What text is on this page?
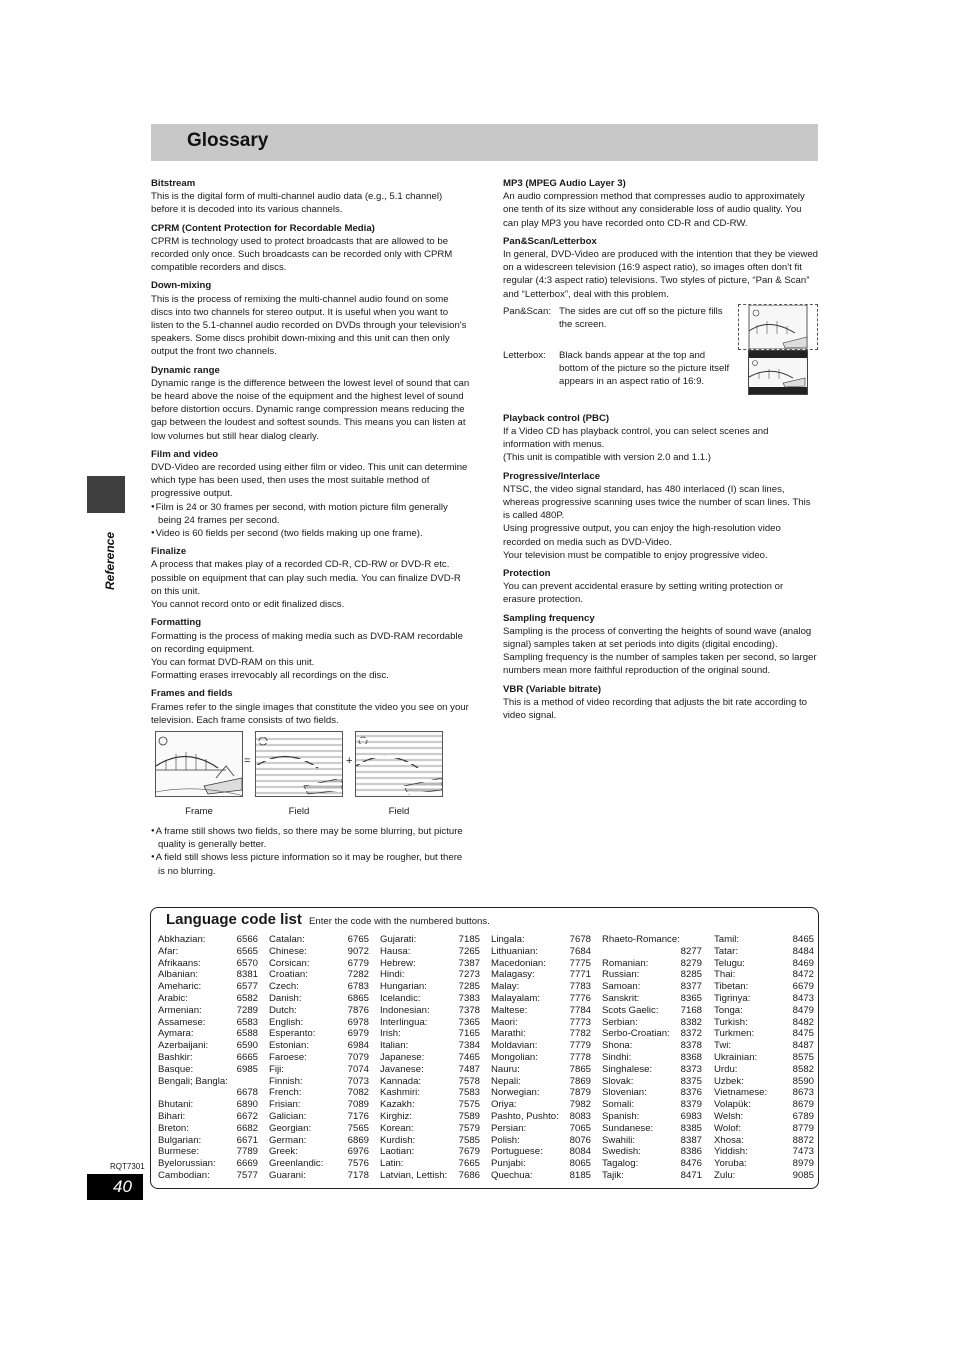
Glossary
Reference
Bitstream
This is the digital form of multi-channel audio data (e.g., 5.1 channel) before it is decoded into its various channels.
CPRM (Content Protection for Recordable Media)
CPRM is technology used to protect broadcasts that are allowed to be recorded only once. Such broadcasts can be recorded only with CPRM compatible recorders and discs.
Down-mixing
This is the process of remixing the multi-channel audio found on some discs into two channels for stereo output. It is useful when you want to listen to the 5.1-channel audio recorded on DVDs through your television's speakers. Some discs prohibit down-mixing and this unit can then only output the front two channels.
Dynamic range
Dynamic range is the difference between the lowest level of sound that can be heard above the noise of the equipment and the highest level of sound before distortion occurs. Dynamic range compression means reducing the gap between the loudest and softest sounds. This means you can listen at low volumes but still hear dialog clearly.
Film and video
DVD-Video are recorded using either film or video. This unit can determine which type has been used, then uses the most suitable method of progressive output.
● Film is 24 or 30 frames per second, with motion picture film generally being 24 frames per second.
● Video is 60 fields per second (two fields making up one frame).
Finalize
A process that makes play of a recorded CD-R, CD-RW or DVD-R etc. possible on equipment that can play such media. You can finalize DVD-R on this unit.
You cannot record onto or edit finalized discs.
Formatting
Formatting is the process of making media such as DVD-RAM recordable on recording equipment.
You can format DVD-RAM on this unit.
Formatting erases irrevocably all recordings on the disc.
Frames and fields
Frames refer to the single images that constitute the video you see on your television. Each frame consists of two fields.
=	+
Frame	Field	Field
● A frame still shows two fields, so there may be some blurring, but picture quality is generally better.
● A field still shows less picture information so it may be rougher, but there is no blurring.
MP3 (MPEG Audio Layer 3)
An audio compression method that compresses audio to approximately one tenth of its size without any considerable loss of audio quality. You can play MP3 you have recorded onto CD-R and CD-RW.
Pan&Scan/Letterbox
In general, DVD-Video are produced with the intention that they be viewed on a widescreen television (16:9 aspect ratio), so images often don't fit regular (4:3 aspect ratio) televisions. Two styles of picture, “Pan & Scan” and “Letterbox”, deal with this problem.
Pan&Scan: The sides are cut off so the picture fills the screen.
Letterbox:	Black bands appear at the top and bottom of the picture so the picture itself appears in an aspect ratio of 16:9.
Playback control (PBC)
If a Video CD has playback control, you can select scenes and information with menus.
(This unit is compatible with version 2.0 and 1.1.)
Progressive/Interlace
NTSC, the video signal standard, has 480 interlaced (I) scan lines, whereas progressive scanning uses twice the number of scan lines. This is called 480P.
Using progressive output, you can enjoy the high-resolution video recorded on media such as DVD-Video.
Your television must be compatible to enjoy progressive video.
Protection
You can prevent accidental erasure by setting writing protection or erasure protection.
Sampling frequency
Sampling is the process of converting the heights of sound wave (analog signal) samples taken at set periods into digits (digital encoding). Sampling frequency is the number of samples taken per second, so larger numbers mean more faithful reproduction of the original sound.
VBR (Variable bitrate)
This is a method of video recording that adjusts the bit rate according to video signal.
Language code list Enter the code with the numbered buttons.
Abkhazian:	6566
Afar:	6565
Afrikaans:	6570
Albanian:	8381
Ameharic:	6577
Arabic:	6582
Armenian:	7289
Assamese:	6583
Aymara:	6588
Azerbaijani:	6590
Bashkir:	6665
Basque:	6985
Bengali; Bangla:
6678
Bhutani:	6890
Bihari:	6672
Breton:	6682
Bulgarian:	6671
Burmese:	7789
Byelorussian: 6669
Cambodian:	7577
Catalan:	6765
Chinese:	9072
Corsican:	6779
Croatian:	7282
Czech:	6783
Danish:	6865
Dutch:	7876
English:	6978
Esperanto:	6979
Estonian:	6984
Faroese:	7079
Fiji:	7074
Finnish:	7073
French:	7082
Frisian:	7089
Galician:	7176
Georgian:	7565
German:	6869
Greek:	6976
Greenlandic:	7576
Guarani:	7178
Gujarati:	7185
Hausa:	7265
Hebrew:	7387
Hindi:	7273
Hungarian:	7285
Icelandic:	7383
Indonesian:	7378
Interlingua:	7365
Irish:	7165
Italian:	7384
Japanese:	7465
Javanese:	7487
Kannada:	7578
Kashmiri:	7583
Kazakh:	7575
Kirghiz:	7589
Korean:	7579
Kurdish:	7585
Laotian:	7679
Latin:	7665
Latvian, Lettish: 7686
Lingala:	7678
Lithuanian:	7684
Macedonian: 7775
Malagasy:	7771
Malay:	7783
Malayalam:	7776
Maltese:	7784
Maori:	7773
Marathi:	7782
Moldavian:	7779
Mongolian:	7778
Nauru:	7865
Nepali:	7869
Norwegian:	7879
Oriya:	7982
Pashto, Pushto: 8083
Persian:	7065
Polish:	8076
Portuguese:	8084
Punjabi:	8065
Quechua:	8185
Rhaeto-Romance:
8277
Romanian:	8279
Russian:	8285
Samoan:	8377
Sanskrit:	8365
Scots Gaelic: 7168
Serbian:	8382
Serbo-Croatian: 8372
Shona:	8378
Sindhi:	8368
Singhalese:	8373
Slovak:	8375
Slovenian:	8376
Somali:	8379
Spanish:	6983
Sundanese:	8385
Swahili:	8387
Swedish:	8386
Tagalog:	8476
Tajik:	8471
Tamil:	8465
Tatar:	8484
Telugu:	8469
Thai:	8472
Tibetan:	6679
Tigrinya:	8473
Tonga:	8479
Turkish:	8482
Turkmen:	8475
Twi:	8487
Ukrainian:	8575
Urdu:	8582
Uzbek:	8590
Vietnamese:	8673
Volapük:	8679
Welsh:	6789
Wolof:	8779
Xhosa:	8872
Yiddish:	7473
Yoruba:	8979
Zulu:	9085
RQT7301
40
